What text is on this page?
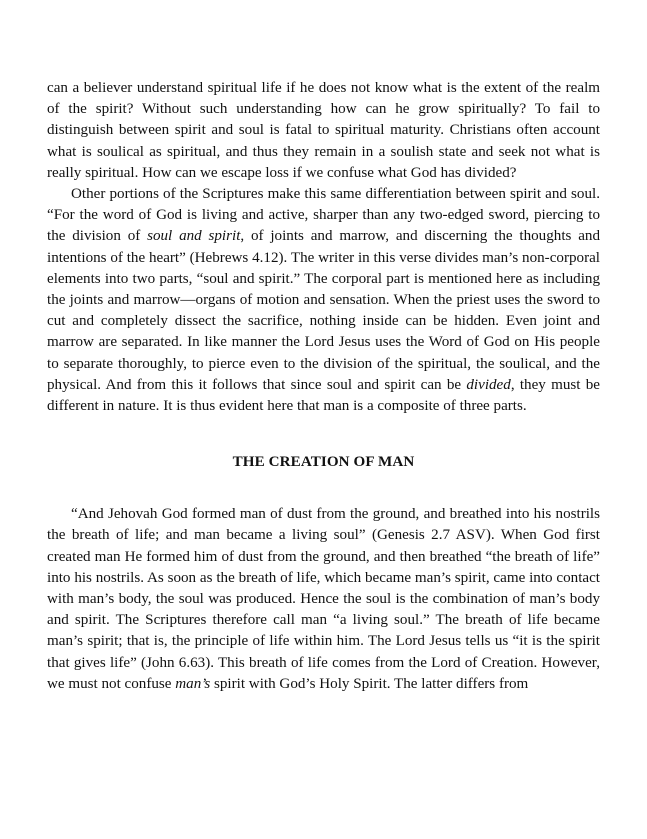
can a believer understand spiritual life if he does not know what is the extent of the realm of the spirit? Without such understanding how can he grow spiritually? To fail to distinguish between spirit and soul is fatal to spiritual maturity. Christians often account what is soulical as spiritual, and thus they remain in a soulish state and seek not what is really spiritual. How can we escape loss if we confuse what God has divided?

Other portions of the Scriptures make this same differentiation between spirit and soul. “For the word of God is living and active, sharper than any two-edged sword, piercing to the division of soul and spirit, of joints and marrow, and discerning the thoughts and intentions of the heart” (Hebrews 4.12). The writer in this verse divides man’s non-corporal elements into two parts, “soul and spirit.” The corporal part is mentioned here as including the joints and marrow—organs of motion and sensation. When the priest uses the sword to cut and completely dissect the sacrifice, nothing inside can be hidden. Even joint and marrow are separated. In like manner the Lord Jesus uses the Word of God on His people to separate thoroughly, to pierce even to the division of the spiritual, the soulical, and the physical. And from this it follows that since soul and spirit can be divided, they must be different in nature. It is thus evident here that man is a composite of three parts.

THE CREATION OF MAN

“And Jehovah God formed man of dust from the ground, and breathed into his nostrils the breath of life; and man became a living soul” (Genesis 2.7 ASV). When God first created man He formed him of dust from the ground, and then breathed “the breath of life” into his nostrils. As soon as the breath of life, which became man’s spirit, came into contact with man’s body, the soul was produced. Hence the soul is the combination of man’s body and spirit. The Scriptures therefore call man “a living soul.” The breath of life became man’s spirit; that is, the principle of life within him. The Lord Jesus tells us “it is the spirit that gives life” (John 6.63). This breath of life comes from the Lord of Creation. However, we must not confuse man’s spirit with God’s Holy Spirit. The latter differs from
